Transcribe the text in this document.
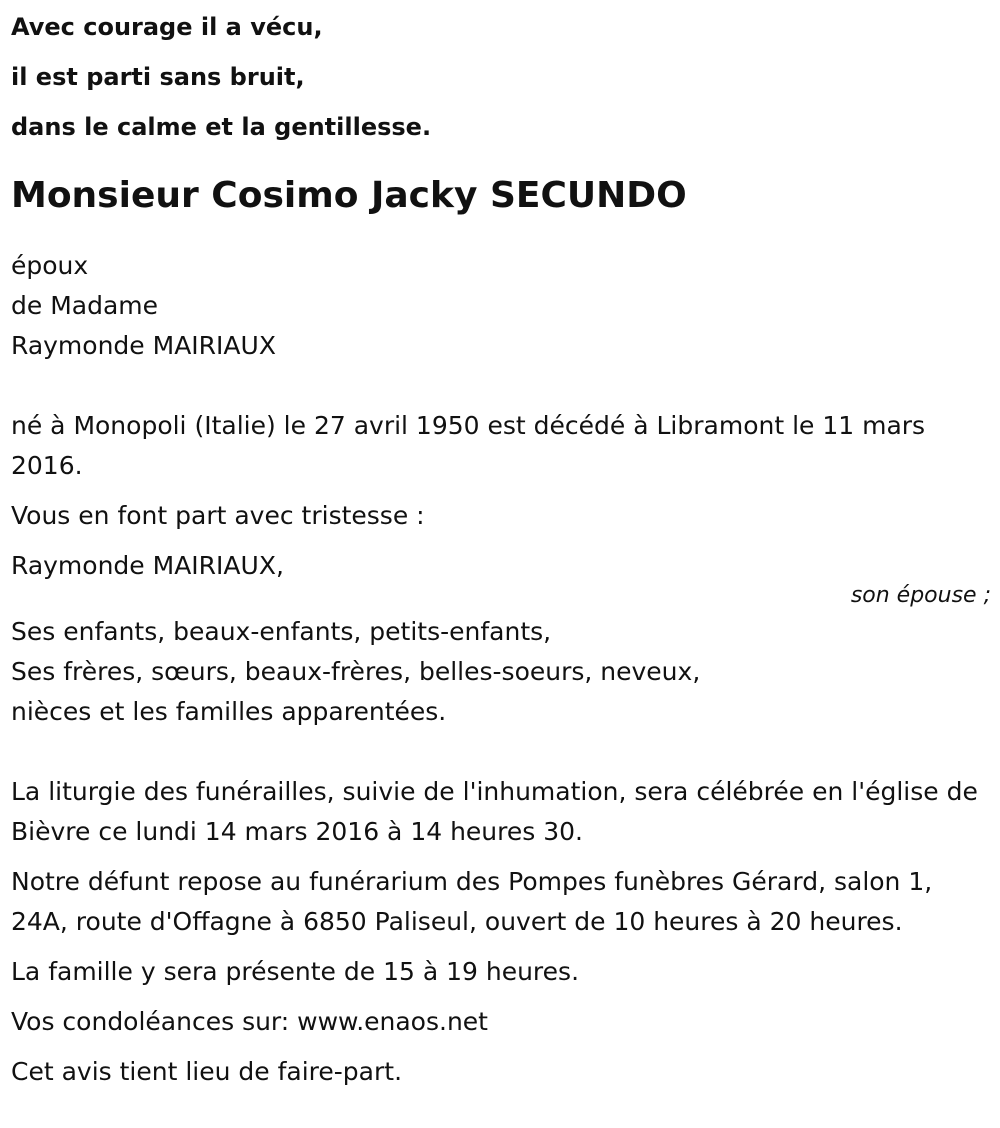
Avec courage il a vécu,
il est parti sans bruit,
dans le calme et la gentillesse.
Monsieur Cosimo Jacky SECUNDO
époux
de Madame
Raymonde MAIRIAUX
né à Monopoli (Italie) le 27 avril 1950 est décédé à Libramont le 11 mars 2016.
Vous en font part avec tristesse :
Raymonde MAIRIAUX,
son épouse ;
Ses enfants, beaux-enfants, petits-enfants,
Ses frères, sœurs, beaux-frères, belles-soeurs, neveux,
nièces et les familles apparentées.
La liturgie des funérailles, suivie de l'inhumation, sera célébrée en l'église de Bièvre ce lundi 14 mars 2016 à 14 heures 30.
Notre défunt repose au funérarium des Pompes funèbres Gérard, salon 1, 24A, route d'Offagne à 6850 Paliseul, ouvert de 10 heures à 20 heures.
La famille y sera présente de 15 à 19 heures.
Vos condoléances sur: www.enaos.net
Cet avis tient lieu de faire-part.
